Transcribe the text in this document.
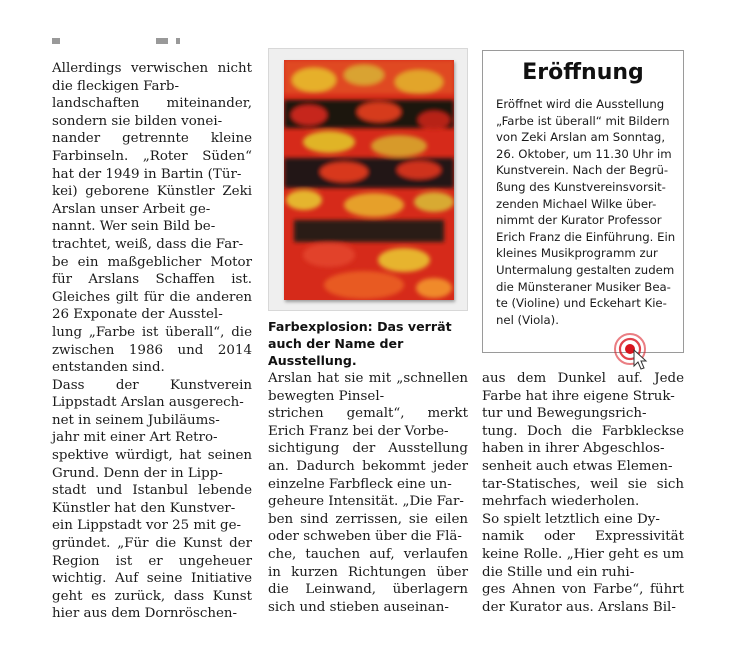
Allerdings verwischen nicht die fleckigen Farb-
landschaften miteinander, sondern sie bilden vonei-
nander getrennte kleine Farbinseln. „Roter Süden“ hat der 1949 in Bartin (Tür-
kei) geborene Künstler Zeki Arslan unser Arbeit ge-
nannt. Wer sein Bild be-
trachtet, weiß, dass die Far-
be ein maßgeblicher Motor für Arslans Schaffen ist. Gleiches gilt für die anderen 26 Exponate der Ausstel-
lung „Farbe ist überall“, die zwischen 1986 und 2014 entstanden sind.
Dass der Kunstverein Lippstadt Arslan ausgerech-
net in seinem Jubiläums-
jahr mit einer Art Retro-
spektive würdigt, hat seinen Grund. Denn der in Lipp-
stadt und Istanbul lebende Künstler hat den Kunstver-
ein Lippstadt vor 25 mit ge-
gründet. „Für die Kunst der Region ist er ungeheuer wichtig. Auf seine Initiative geht es zurück, dass Kunst hier aus dem Dornröschen-
Farbexplosion: Das verrät auch der Name der Ausstellung.
Arslan hat sie mit „schnellen bewegten Pinsel-
strichen gemalt“, merkt Erich Franz bei der Vorbe-
sichtigung der Ausstellung an. Dadurch bekommt jeder einzelne Farbfleck eine un-
geheure Intensität. „Die Far-
ben sind zerrissen, sie eilen oder schweben über die Flä-
che, tauchen auf, verlaufen in kurzen Richtungen über die Leinwand, überlagern sich und stieben auseinan-
Eröffnung
Eröffnet wird die Ausstellung „Farbe ist überall“ mit Bildern von Zeki Arslan am Sonntag, 26. Oktober, um 11.30 Uhr im Kunstverein. Nach der Begrü-
ßung des Kunstvereinsvorsit-
zenden Michael Wilke über-
nimmt der Kurator Professor Erich Franz die Einführung. Ein kleines Musikprogramm zur Untermalung gestalten zudem die Münsteraner Musiker Bea-
te (Violine) und Eckehart Kie-
nel (Viola).
aus dem Dunkel auf. Jede Farbe hat ihre eigene Struk-
tur und Bewegungsrich-
tung. Doch die Farbkleckse haben in ihrer Abgeschlos-
senheit auch etwas Elemen-
tar-Statisches, weil sie sich mehrfach wiederholen.
So spielt letztlich eine Dy-
namik oder Expressivität keine Rolle. „Hier geht es um die Stille und ein ruhi-
ges Ahnen von Farbe“, führt der Kurator aus. Arslans Bil-
